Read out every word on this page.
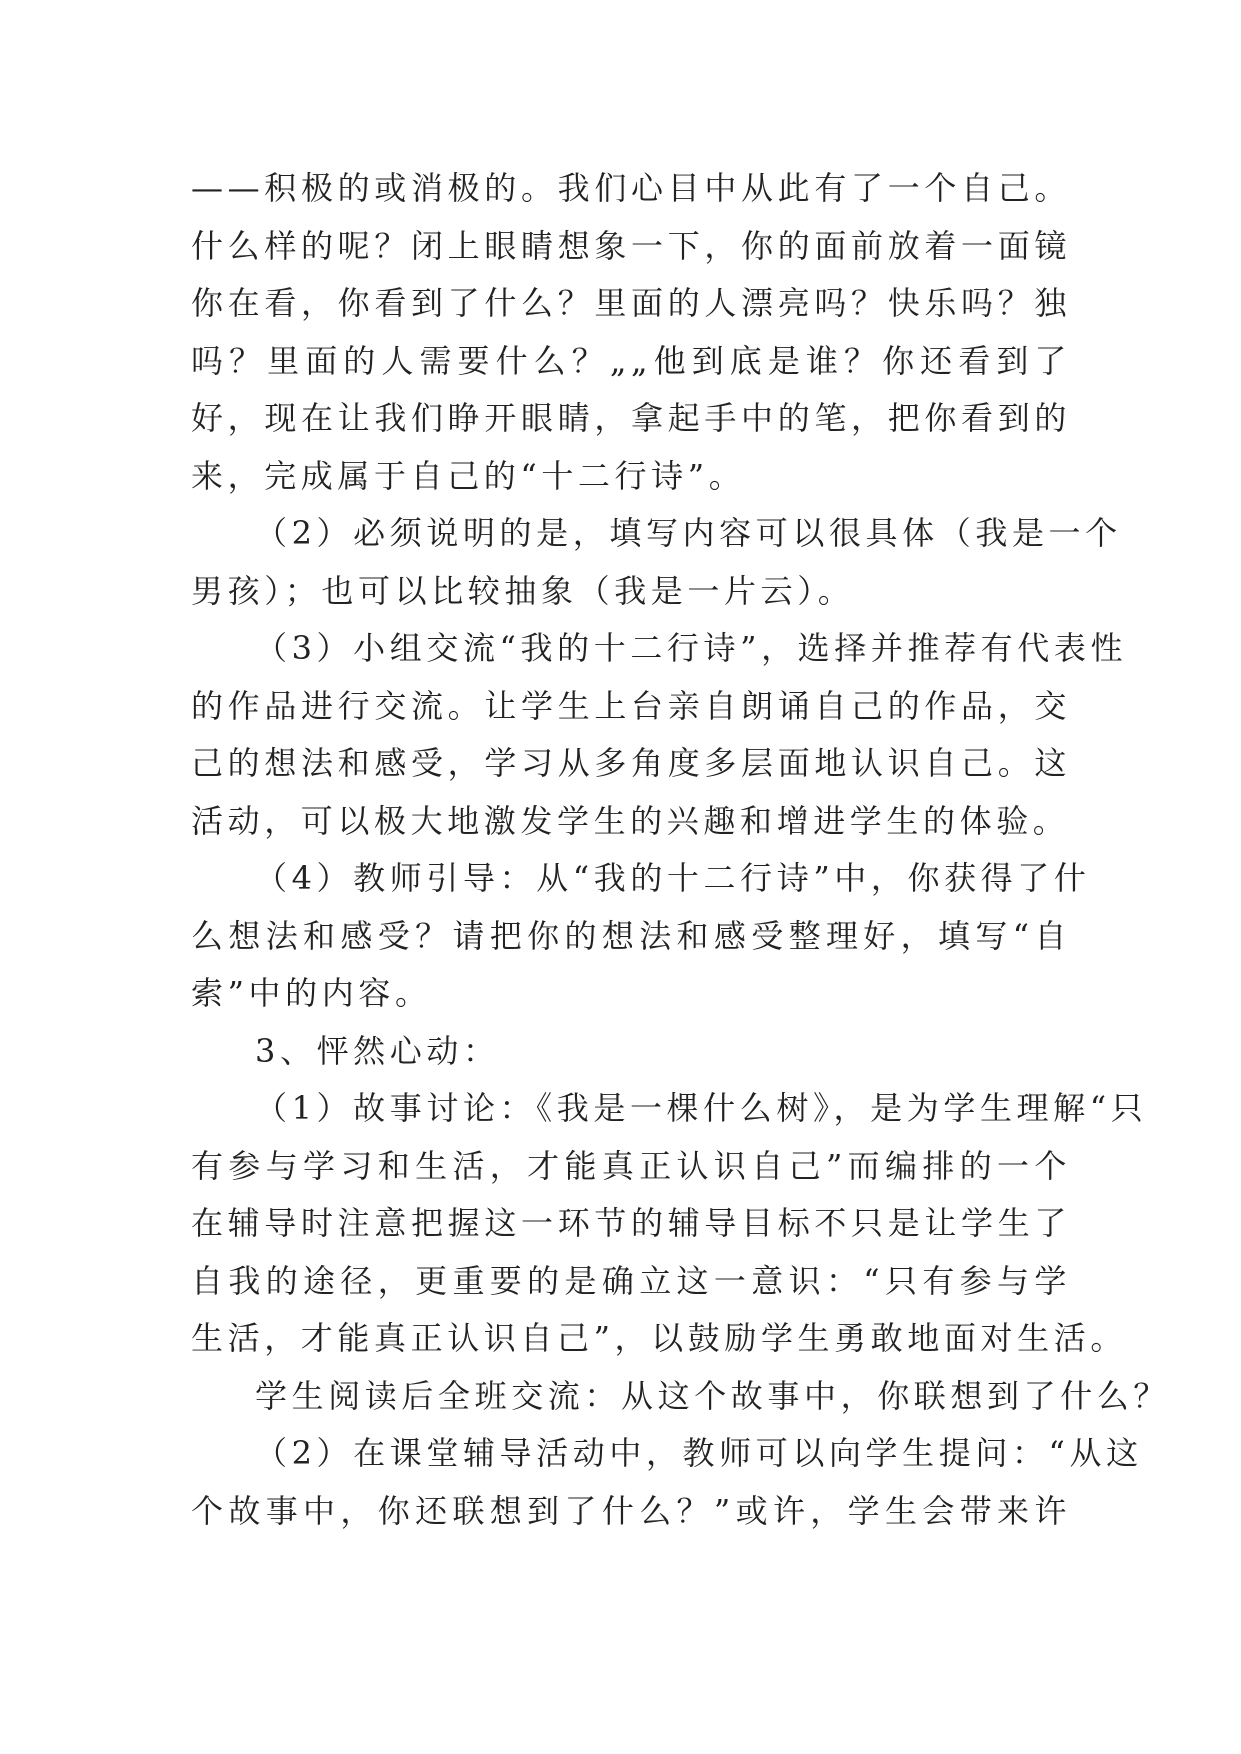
——积极的或消极的。我们心目中从此有了一个自己。
什么样的呢？闭上眼睛想象一下，你的面前放着一面镜
你在看，你看到了什么？里面的人漂亮吗？快乐吗？独
吗？里面的人需要什么？„„他到底是谁？你还看到了
好，现在让我们睁开眼睛，拿起手中的笔，把你看到的
来，完成属于自己的“十二行诗”。
（2）必须说明的是，填写内容可以很具体（我是一个
男孩）；也可以比较抽象（我是一片云）。
（3）小组交流“我的十二行诗”，选择并推荐有代表性
的作品进行交流。让学生上台亲自朗诵自己的作品，交
己的想法和感受，学习从多角度多层面地认识自己。这
活动，可以极大地激发学生的兴趣和增进学生的体验。
（4）教师引导：从“我的十二行诗”中，你获得了什
么想法和感受？请把你的想法和感受整理好，填写“自
索”中的内容。
3、怦然心动：
（1）故事讨论：《我是一棵什么树》，是为学生理解“只
有参与学习和生活，才能真正认识自己”而编排的一个
在辅导时注意把握这一环节的辅导目标不只是让学生了
自我的途径，更重要的是确立这一意识：“只有参与学
生活，才能真正认识自己”，以鼓励学生勇敢地面对生活。
学生阅读后全班交流：从这个故事中，你联想到了什么？
（2）在课堂辅导活动中，教师可以向学生提问：“从这
个故事中，你还联想到了什么？”或许，学生会带来许
